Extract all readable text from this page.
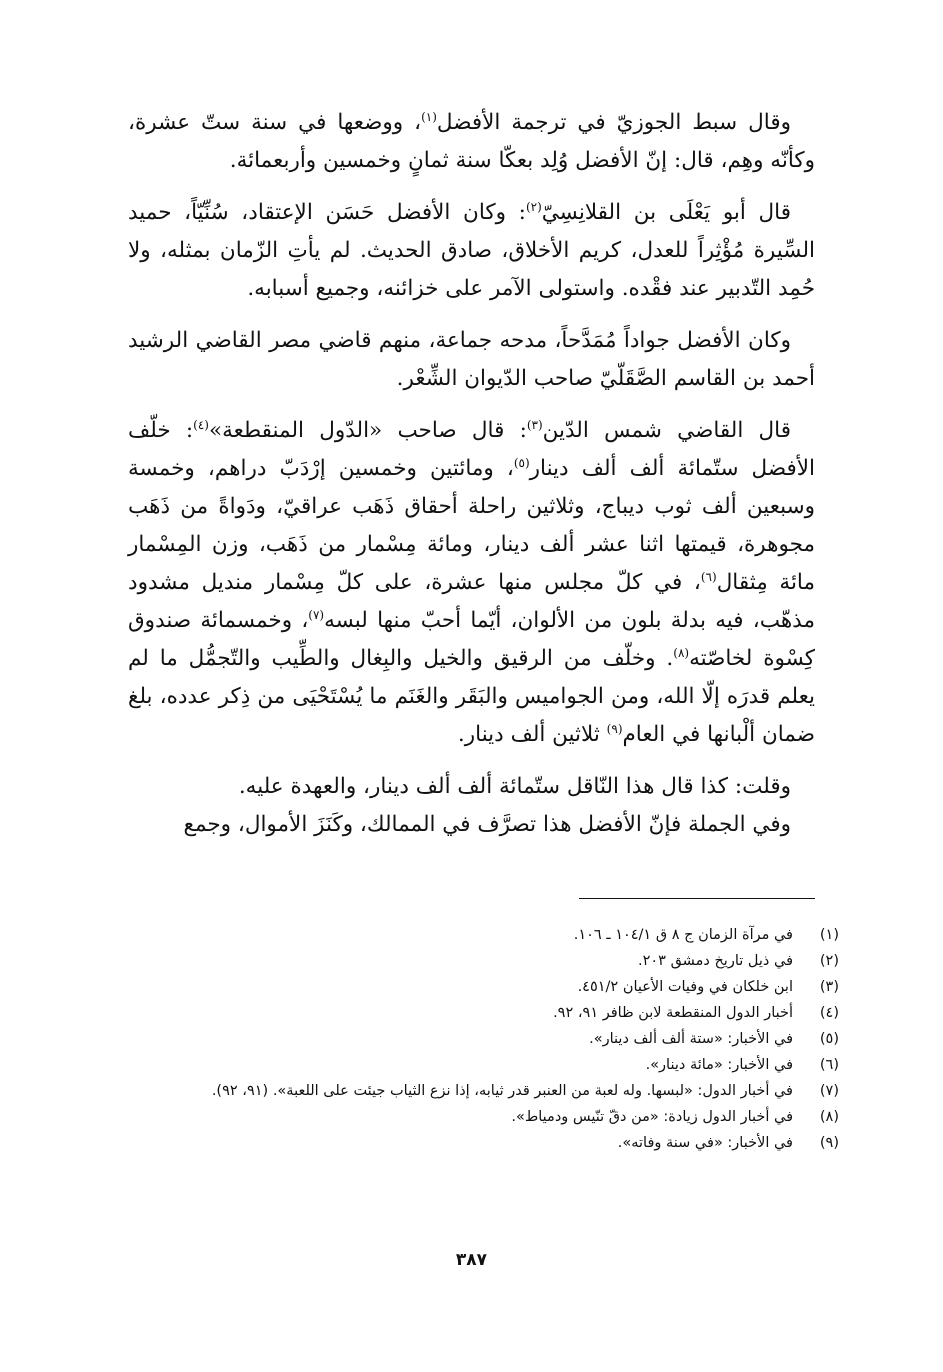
وقال سبط الجوزيّ في ترجمة الأفضل$^{(١)}$، ووضعها في سنة ستّ عشرة، وكأنّه وهِم، قال: إنّ الأفضل وُلِد بعكّا سنة ثمانٍ وخمسين وأربعمائة.

قال أبو يَعْلَى بن القلانِسِيّ$^{(٢)}$: وكان الأفضل حَسَن الإعتقاد، سُنِّيّاً، حميد السِّيرة مُؤْثِراً للعدل، كريم الأخلاق، صادق الحديث. لم يأتِ الزّمان بمثله، ولا حُمِد التّدبير عند فقْده. واستولى الآمر على خزائنه، وجميع أسبابه.

وكان الأفضل جواداً مُمَدَّحاً، مدحه جماعة، منهم قاضي مصر القاضي الرشيد أحمد بن القاسم الصَّقَلّيّ صاحب الدّيوان الشِّعْر.

قال القاضي شمس الدّين$^{(٣)}$: قال صاحب «الدّول المنقطعة»$^{(٤)}$: خلّف الأفضل ستّمائة ألف ألف دينار$^{(٥)}$، ومائتين وخمسين إرْدَبّ دراهم، وخمسة وسبعين ألف ثوب ديباج، وثلاثين راحلة أحقاق ذَهَب عراقيّ، ودَواةً من ذَهَب مجوهرة، قيمتها اثنا عشر ألف دينار، ومائة مِسْمار من ذَهَب، وزن المِسْمار مائة مِثقال$^{(٦)}$، في كلّ مجلس منها عشرة، على كلّ مِسْمار منديل مشدود مذهّب، فيه بدلة بلون من الألوان، أيّما أحبّ منها لبسه$^{(٧)}$، وخمسمائة صندوق كِسْوة لخاصّته$^{(٨)}$. وخلّف من الرقيق والخيل والبِغال والطِّيب والتّجمُّل ما لم يعلم قدرَه إلّا الله، ومن الجواميس والبَقَر والغَنَم ما يُسْتَحْيَى من ذِكر عدده، بلغ ضمان ألْبانها في العام$^{(٩)}$ ثلاثين ألف دينار.

وقلت: كذا قال هذا النّاقل ستّمائة ألف ألف دينار، والعهدة عليه.

وفي الجملة فإنّ الأفضل هذا تصرَّف في الممالك، وكَنَزَ الأموال، وجمع

(١)
في مرآة الزمان ج ٨ ق ١٠٤/١ ـ ١٠٦.
(٢)
في ذيل تاريخ دمشق ٢٠٣.
(٣)
ابن خلكان في وفيات الأعيان ٤٥١/٢.
(٤)
أخبار الدول المنقطعة لابن ظافر ٩١، ٩٢.
(٥)
في الأخبار: «ستة ألف ألف دينار».
(٦)
في الأخبار: «مائة دينار».
(٧)
في أخبار الدول: «لبسها. وله لعبة من العنبر قدر ثيابه، إذا نزع الثياب جيئت على اللعبة». (٩١، ٩٢).
(٨)
في أخبار الدول زيادة: «من دقّ تنّيس ودمياط».
(٩)
في الأخبار: «في سنة وفاته».
٣٨٧
